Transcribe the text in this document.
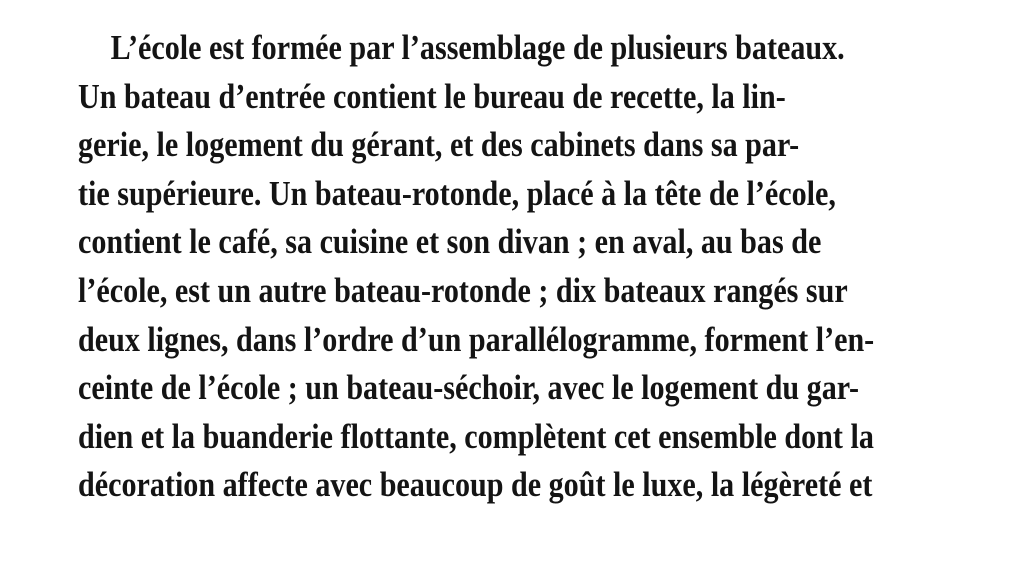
L’école est formée par l’assemblage de plusieurs bateaux.
Un bateau d’entrée contient le bureau de recette, la lin-
gerie, le logement du gérant, et des cabinets dans sa par-
tie supérieure. Un bateau-rotonde, placé à la tête de l’école,
contient le café, sa cuisine et son divan ; en aval, au bas de
l’école, est un autre bateau-rotonde ; dix bateaux rangés sur
deux lignes, dans l’ordre d’un parallélogramme, forment l’en-
ceinte de l’école ; un bateau-séchoir, avec le logement du gar-
dien et la buanderie flottante, complètent cet ensemble dont la
décoration affecte avec beaucoup de goût le luxe, la légèreté et
